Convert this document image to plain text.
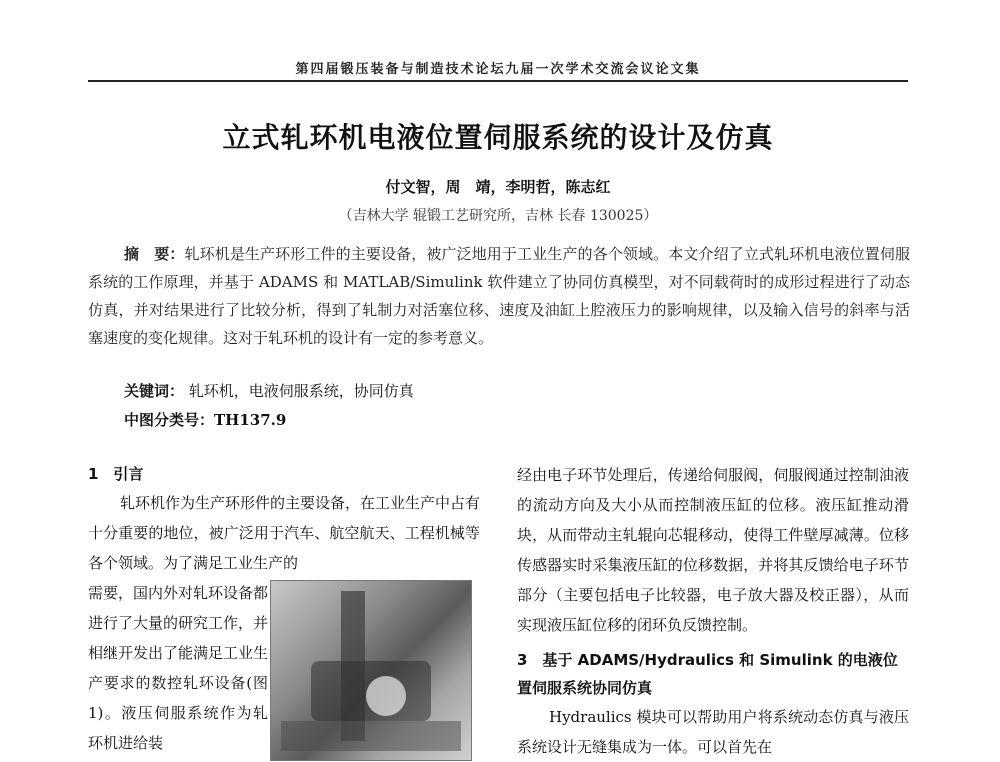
第四届锻压装备与制造技术论坛九届一次学术交流会议论文集
立式轧环机电液位置伺服系统的设计及仿真
付文智，周　靖，李明哲，陈志红
（吉林大学 辊锻工艺研究所，吉林 长春 130025）

摘　要：轧环机是生产环形工件的主要设备，被广泛地用于工业生产的各个领域。本文介绍了立式轧环机电液位置伺服系统的工作原理，并基于 ADAMS 和 MATLAB/Simulink 软件建立了协同仿真模型，对不同载荷时的成形过程进行了动态仿真，并对结果进行了比较分析，得到了轧制力对活塞位移、速度及油缸上腔液压力的影响规律，以及输入信号的斜率与活塞速度的变化规律。这对于轧环机的设计有一定的参考意义。

关键词： 轧环机，电液伺服系统，协同仿真
中图分类号：TH137.9

1　引言

轧环机作为生产环形件的主要设备，在工业生产中占有十分重要的地位，被广泛用于汽车、航空航天、工程机械等各个领域。为了满足工业生产的

需要，国内外对轧环设备都进行了大量的研究工作，并相继开发出了能满足工业生产要求的数控轧环设备(图 1)。液压伺服系统作为轧环机进给装

经由电子环节处理后，传递给伺服阀，伺服阀通过控制油液的流动方向及大小从而控制液压缸的位移。液压缸推动滑块，从而带动主轧辊向芯辊移动，使得工件壁厚减薄。位移传感器实时采集液压缸的位移数据，并将其反馈给电子环节部分（主要包括电子比较器，电子放大器及校正器），从而实现液压缸位移的闭环负反馈控制。

3　基于 ADAMS/Hydraulics 和 Simulink 的电液位置伺服系统协同仿真

Hydraulics 模块可以帮助用户将系统动态仿真与液压系统设计无缝集成为一体。可以首先在
